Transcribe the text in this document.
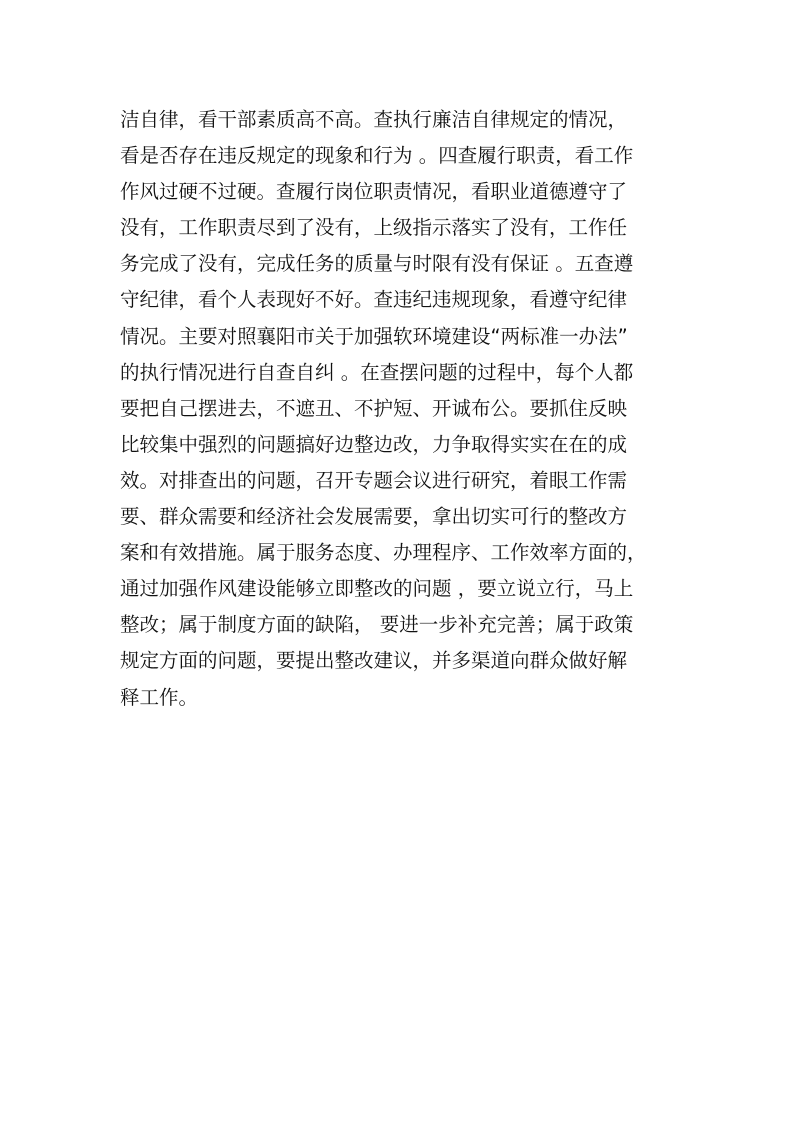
洁自律，看干部素质高不高。查执行廉洁自律规定的情况，
看是否存在违反规定的现象和行为 。四查履行职责，看工作
作风过硬不过硬。查履行岗位职责情况，看职业道德遵守了
没有，工作职责尽到了没有，上级指示落实了没有，工作任
务完成了没有，完成任务的质量与时限有没有保证 。五查遵
守纪律，看个人表现好不好。查违纪违规现象，看遵守纪律
情况。主要对照襄阳市关于加强软环境建设“两标准一办法”
的执行情况进行自查自纠 。在查摆问题的过程中，每个人都
要把自己摆进去，不遮丑、不护短、开诚布公。要抓住反映
比较集中强烈的问题搞好边整边改，力争取得实实在在的成
效。对排查出的问题，召开专题会议进行研究，着眼工作需
要、群众需要和经济社会发展需要，拿出切实可行的整改方
案和有效措施。属于服务态度、办理程序、工作效率方面的，
通过加强作风建设能够立即整改的问题 ，要立说立行，马上
整改；属于制度方面的缺陷， 要进一步补充完善；属于政策
规定方面的问题，要提出整改建议，并多渠道向群众做好解
释工作。
